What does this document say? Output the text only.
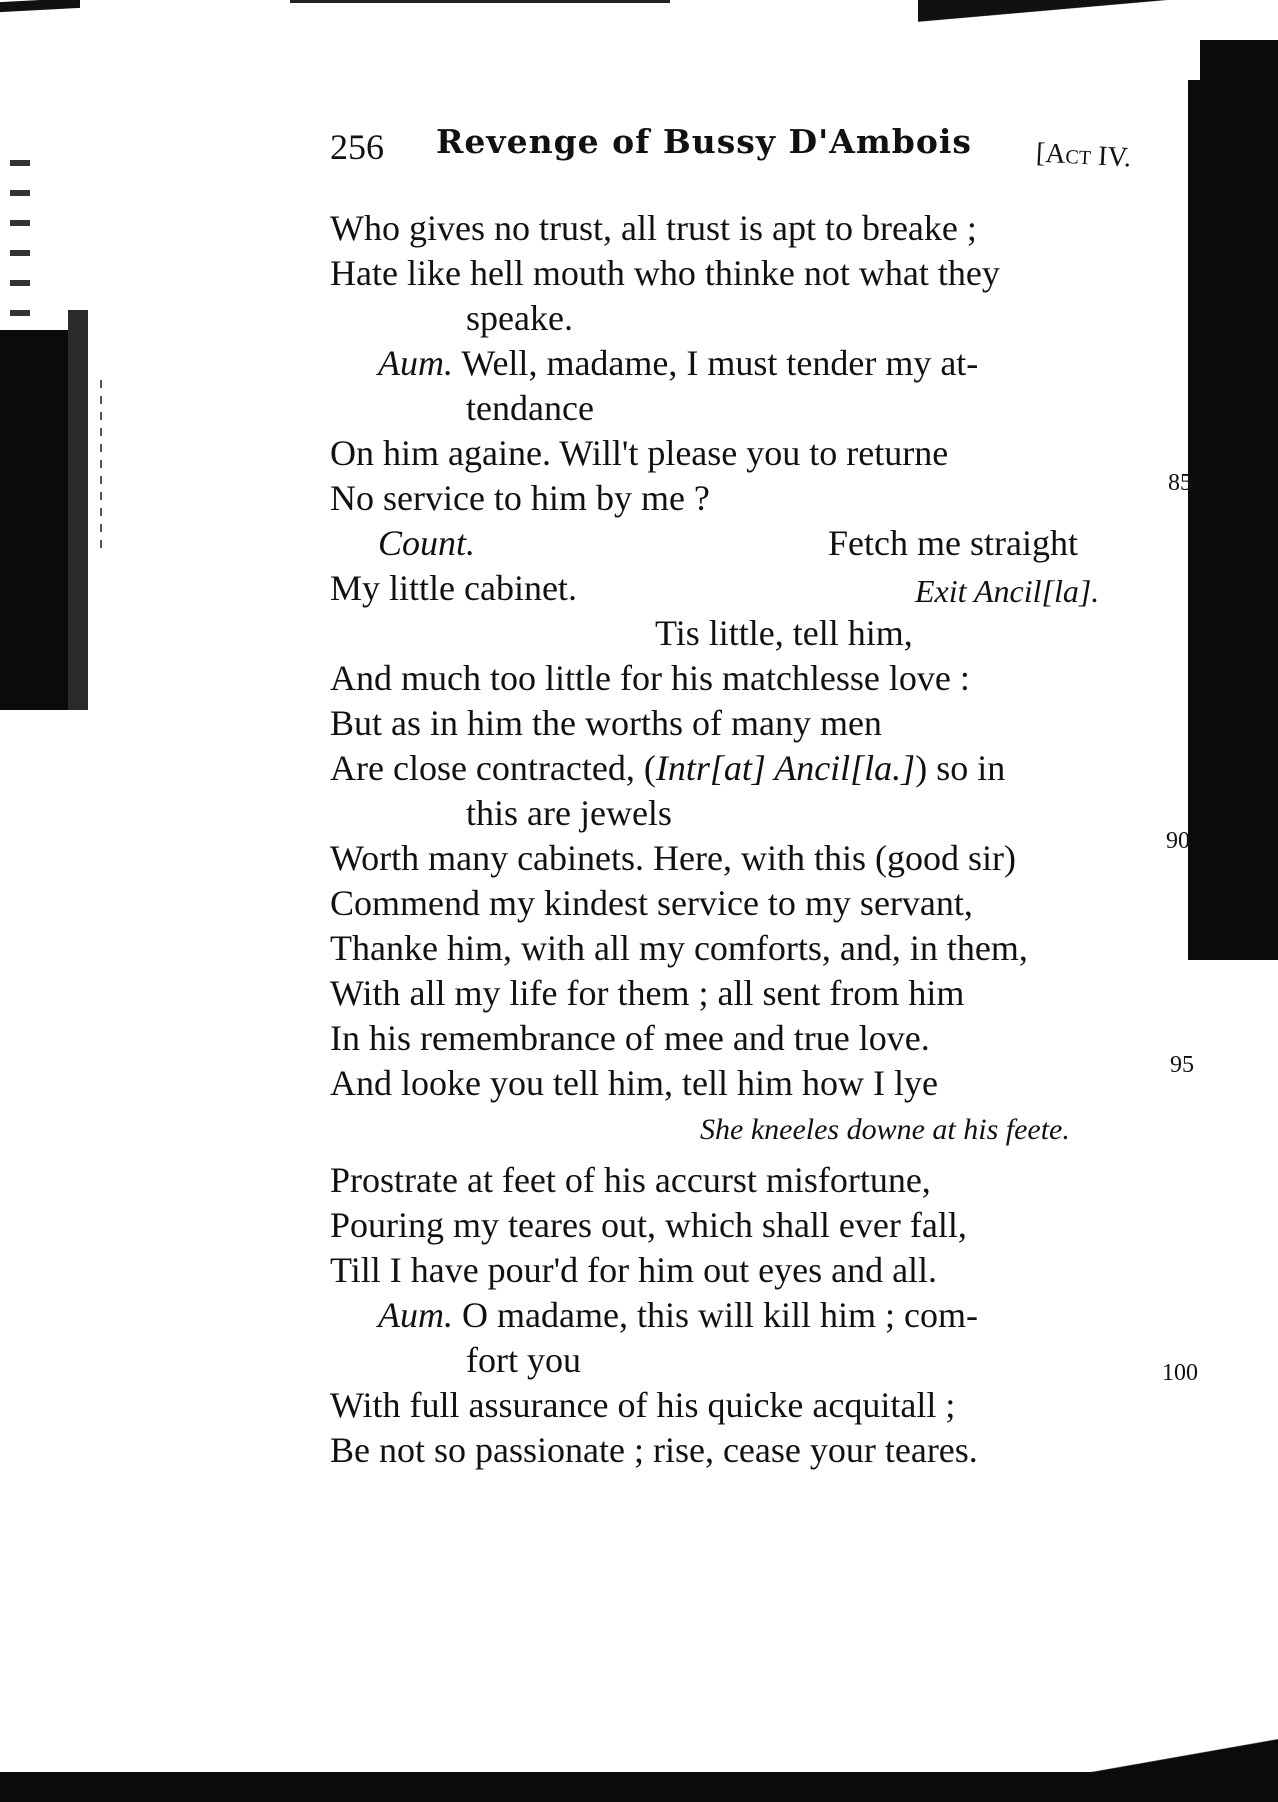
256 Revenge of Bussy D'Ambois [Act IV.
Who gives no trust, all trust is apt to breake ;
Hate like hell mouth who thinke not what they
speake.
Aum. Well, madame, I must tender my at-
tendance
On him againe. Will't please you to returne
No service to him by me ?
Count.	Fetch me straight
My little cabinet.	Exit Ancil[la].
Tis little, tell him,
And much too little for his matchlesse love :
But as in him the worths of many men
Are close contracted, (Intr[at] Ancil[la.]) so in
this are jewels
Worth many cabinets. Here, with this (good sir)
Commend my kindest service to my servant,
Thanke him, with all my comforts, and, in them,
With all my life for them ; all sent from him
In his remembrance of mee and true love.
And looke you tell him, tell him how I lye
She kneeles downe at his feete.
Prostrate at feet of his accurst misfortune,
Pouring my teares out, which shall ever fall,
Till I have pour'd for him out eyes and all.
Aum. O madame, this will kill him ; com-
fort you
With full assurance of his quicke acquitall ;
Be not so passionate ; rise, cease your teares.
85
90
95
100
